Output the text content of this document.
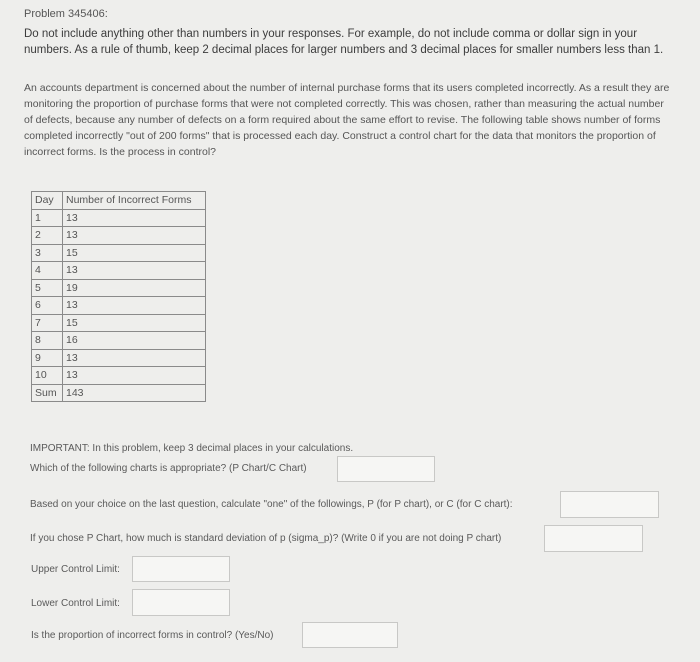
Problem 345406:
Do not include anything other than numbers in your responses. For example, do not include comma or dollar sign in your numbers. As a rule of thumb, keep 2 decimal places for larger numbers and 3 decimal places for smaller numbers less than 1.
An accounts department is concerned about the number of internal purchase forms that its users completed incorrectly. As a result they are monitoring the proportion of purchase forms that were not completed correctly. This was chosen, rather than measuring the actual number of defects, because any number of defects on a form required about the same effort to revise. The following table shows number of forms completed incorrectly "out of 200 forms" that is processed each day. Construct a control chart for the data that monitors the proportion of incorrect forms. Is the process in control?
Day	Number of Incorrect Forms
1	13
2	13
3	15
4	13
5	19
6	13
7	15
8	16
9	13
10	13
Sum	143
IMPORTANT: In this problem, keep 3 decimal places in your calculations.
Which of the following charts is appropriate? (P Chart/C Chart)
Based on your choice on the last question, calculate "one" of the followings, P (for P chart), or C (for C chart):
If you chose P Chart, how much is standard deviation of p (sigma_p)? (Write 0 if you are not doing P chart)
Upper Control Limit:
Lower Control Limit:
Is the proportion of incorrect forms in control? (Yes/No)
